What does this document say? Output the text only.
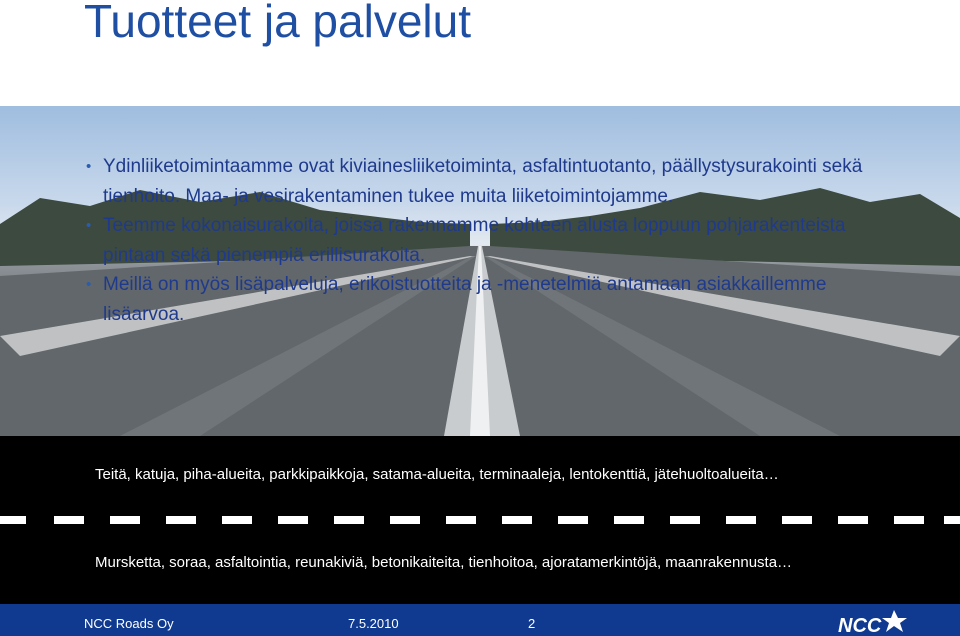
Tuotteet ja palvelut
• Ydinliiketoimintaamme ovat kiviainesliiketoiminta, asfaltintuotanto, päällystysurakointi sekä tienhoito. Maa- ja vesirakentaminen tukee muita liiketoimintojamme.
• Teemme kokonaisurakoita, joissa rakennamme kohteen alusta loppuun pohjarakenteista pintaan sekä pienempiä erillisurakoita.
• Meillä on myös lisäpalveluja, erikoistuotteita ja -menetelmiä antamaan asiakkaillemme lisäarvoa.
Teitä, katuja, piha-alueita, parkkipaikkoja, satama-alueita, terminaaleja, lentokenttiä, jätehuoltoalueita…
Mursketta, soraa, asfaltointia, reunakiviä, betonikaiteita, tienhoitoa, ajoratamerkintöjä, maanrakennusta…
NCC Roads Oy	7.5.2010	2	NCC
